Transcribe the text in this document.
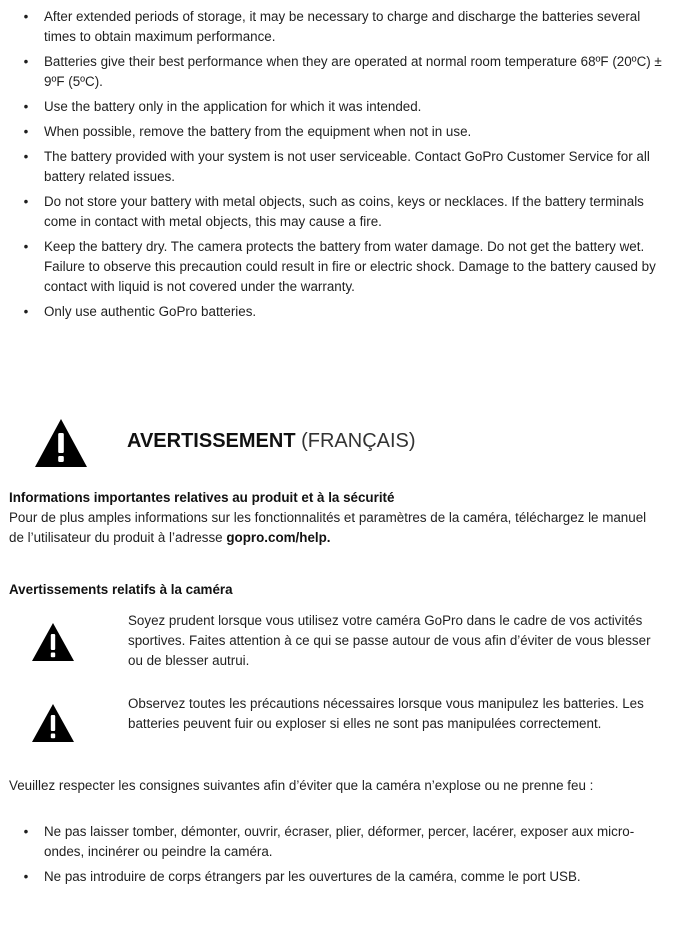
• After extended periods of storage, it may be necessary to charge and discharge the batteries several times to obtain maximum performance.
• Batteries give their best performance when they are operated at normal room temperature 68ºF (20ºC) ± 9ºF (5ºC).
• Use the battery only in the application for which it was intended.
• When possible, remove the battery from the equipment when not in use.
• The battery provided with your system is not user serviceable. Contact GoPro Customer Service for all battery related issues.
• Do not store your battery with metal objects, such as coins, keys or necklaces. If the battery terminals come in contact with metal objects, this may cause a fire.
• Keep the battery dry. The camera protects the battery from water damage. Do not get the battery wet. Failure to observe this precaution could result in fire or electric shock. Damage to the battery caused by contact with liquid is not covered under the warranty.
• Only use authentic GoPro batteries.
AVERTISSEMENT (FRANÇAIS)
Informations importantes relatives au produit et à la sécurité
Pour de plus amples informations sur les fonctionnalités et paramètres de la caméra, téléchargez le manuel de l’utilisateur du produit à l’adresse gopro.com/help.
Avertissements relatifs à la caméra
Soyez prudent lorsque vous utilisez votre caméra GoPro dans le cadre de vos activités sportives. Faites attention à ce qui se passe autour de vous afin d’éviter de vous blesser ou de blesser autrui.
Observez toutes les précautions nécessaires lorsque vous manipulez les batteries. Les batteries peuvent fuir ou exploser si elles ne sont pas manipulées correctement.
Veuillez respecter les consignes suivantes afin d’éviter que la caméra n’explose ou ne prenne feu :
• Ne pas laisser tomber, démonter, ouvrir, écraser, plier, déformer, percer, lacérer, exposer aux micro-ondes, incinérer ou peindre la caméra.
• Ne pas introduire de corps étrangers par les ouvertures de la caméra, comme le port USB.
